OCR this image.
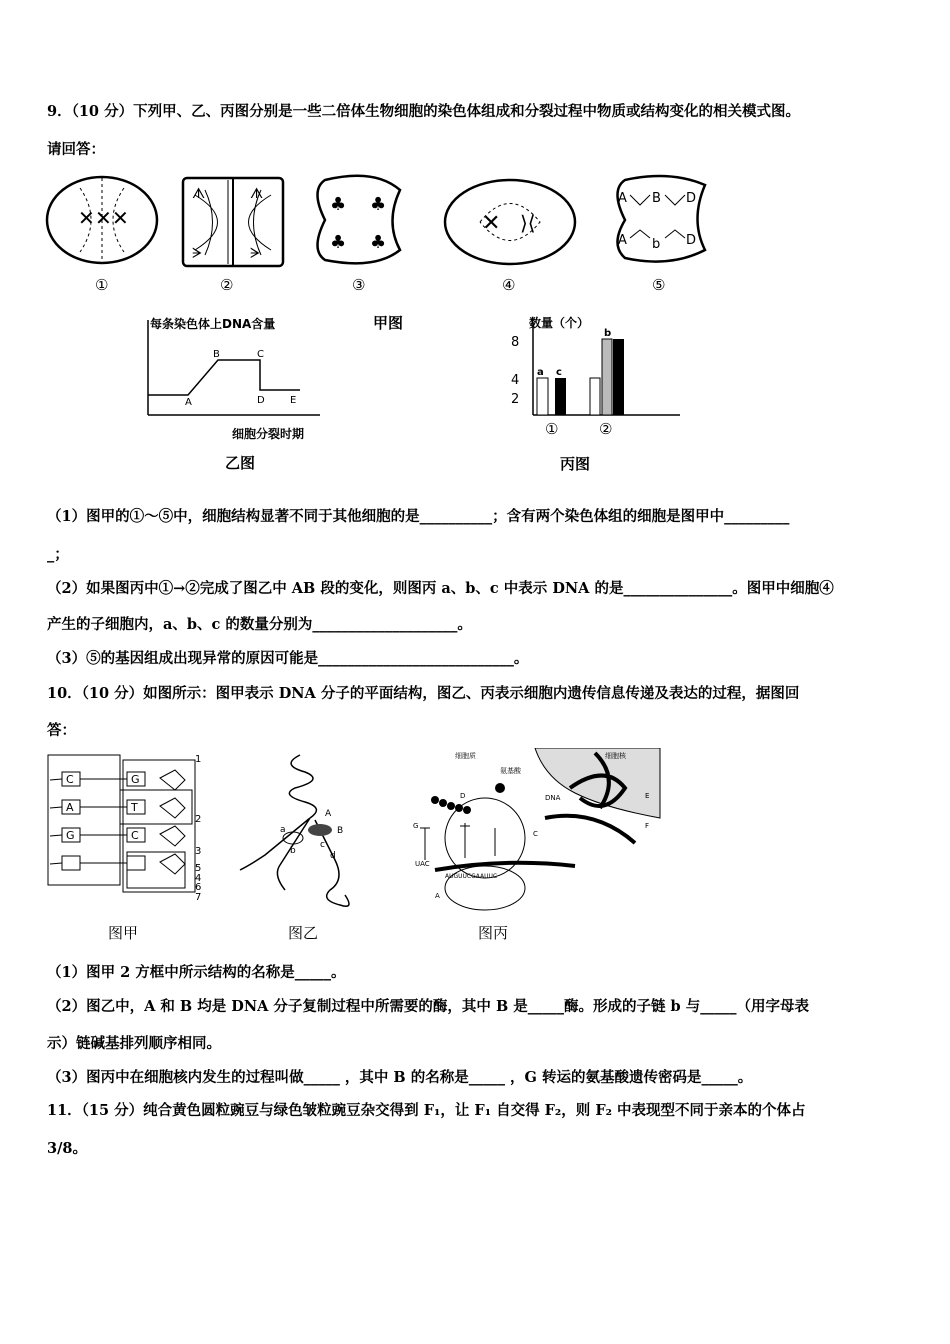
9．（10 分）下列甲、乙、丙图分别是一些二倍体生物细胞的染色体组成和分裂过程中物质或结构变化的相关模式图。
请回答：
✕ ✕ ✕
ᗑ	ᗑ
ᗒ	ᗒ
♣ ♣
♣ ♣
✕ ⟩⟨
A B D
A b D
①	②	③	④	⑤
每条染色体上DNA含量
A
B	C
D	E
细胞分裂时期
乙图
甲图	数量（个）
8
4
2
a c
b
①	②
丙图
（1）图甲的①～⑤中，细胞结构显著不同于其他细胞的是__________；含有两个染色体组的细胞是图甲中_________
_；
（2）如果图丙中①→②完成了图乙中 AB 段的变化，则图丙 a、b、c 中表示 DNA 的是_______________。图甲中细胞④
产生的子细胞内，a、b、c 的数量分别为____________________。
（3）⑤的基因组成出现异常的原因可能是___________________________。
10．（10 分）如图所示：图甲表示 DNA 分子的平面结构，图乙、丙表示细胞内遗传信息传递及表达的过程，据图回
答：
C
A
G
G
T
C
1
2
3
5
4
6
7
图甲
A
B
a
b
c
d
图乙
细胞质
氨基酸
细胞核
DNA
D
G
C
E
F
UAC
AUGUUCGAAUUC
A
图丙
（1）图甲 2 方框中所示结构的名称是_____。
（2）图乙中，A 和 B 均是 DNA 分子复制过程中所需要的酶，其中 B 是_____酶。形成的子链 b 与_____（用字母表
示）链碱基排列顺序相同。
（3）图丙中在细胞核内发生的过程叫做_____ ，其中 B 的名称是_____ ，G 转运的氨基酸遗传密码是_____。
11．（15 分）纯合黄色圆粒豌豆与绿色皱粒豌豆杂交得到 F₁，让 F₁ 自交得 F₂，则 F₂ 中表现型不同于亲本的个体占
3/8。
